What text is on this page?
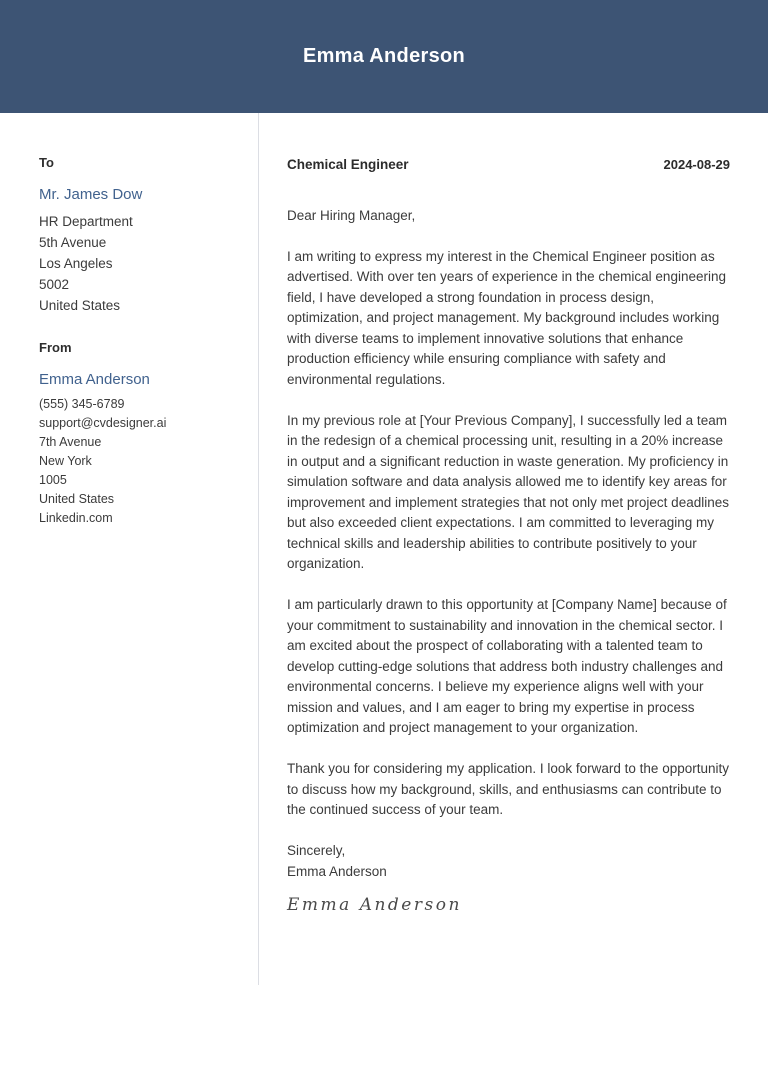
Emma Anderson
To
Mr. James Dow
HR Department
5th Avenue
Los Angeles
5002
United States
From
Emma Anderson
(555) 345-6789
support@cvdesigner.ai
7th Avenue
New York
1005
United States
Linkedin.com
Chemical Engineer	2024-08-29
Dear Hiring Manager,

I am writing to express my interest in the Chemical Engineer position as advertised. With over ten years of experience in the chemical engineering field, I have developed a strong foundation in process design, optimization, and project management. My background includes working with diverse teams to implement innovative solutions that enhance production efficiency while ensuring compliance with safety and environmental regulations.

In my previous role at [Your Previous Company], I successfully led a team in the redesign of a chemical processing unit, resulting in a 20% increase in output and a significant reduction in waste generation. My proficiency in simulation software and data analysis allowed me to identify key areas for improvement and implement strategies that not only met project deadlines but also exceeded client expectations. I am committed to leveraging my technical skills and leadership abilities to contribute positively to your organization.

I am particularly drawn to this opportunity at [Company Name] because of your commitment to sustainability and innovation in the chemical sector. I am excited about the prospect of collaborating with a talented team to develop cutting-edge solutions that address both industry challenges and environmental concerns. I believe my experience aligns well with your mission and values, and I am eager to bring my expertise in process optimization and project management to your organization.

Thank you for considering my application. I look forward to the opportunity to discuss how my background, skills, and enthusiasms can contribute to the continued success of your team.

Sincerely,
Emma Anderson
Emma Anderson
